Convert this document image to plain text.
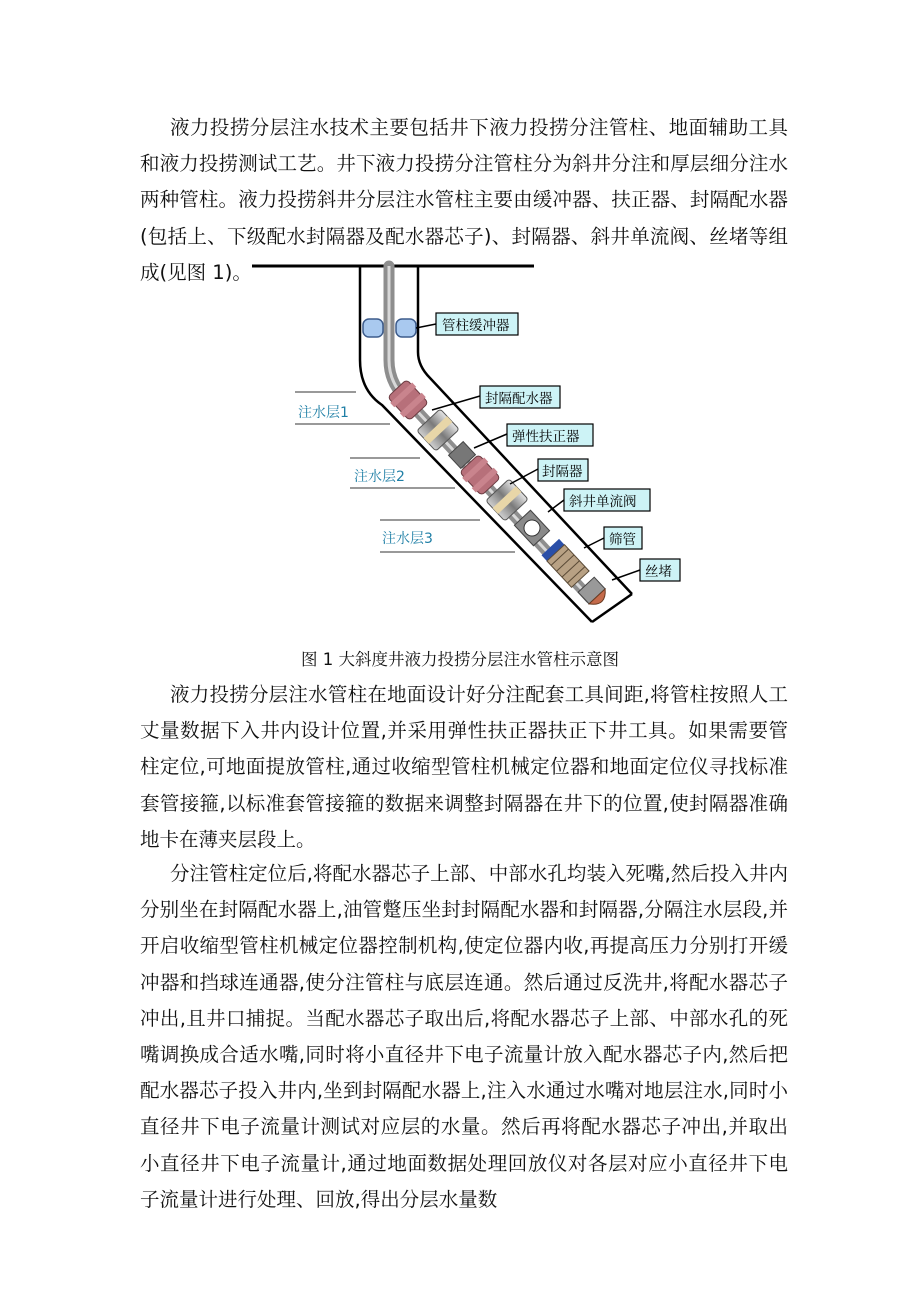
液力投捞分层注水技术主要包括井下液力投捞分注管柱、地面辅助工具和液力投捞测试工艺。井下液力投捞分注管柱分为斜井分注和厚层细分注水两种管柱。液力投捞斜井分层注水管柱主要由缓冲器、扶正器、封隔配水器(包括上、下级配水封隔器及配水器芯子)、封隔器、斜井单流阀、丝堵等组成(见图 1)。

注水层1
注水层2
注水层3
管柱缓冲器
封隔配水器
弹性扶正器
封隔器
斜井单流阀
筛管
丝堵
图 1 大斜度井液力投捞分层注水管柱示意图

液力投捞分层注水管柱在地面设计好分注配套工具间距,将管柱按照人工丈量数据下入井内设计位置,并采用弹性扶正器扶正下井工具。如果需要管柱定位,可地面提放管柱,通过收缩型管柱机械定位器和地面定位仪寻找标准套管接箍,以标准套管接箍的数据来调整封隔器在井下的位置,使封隔器准确地卡在薄夹层段上。

分注管柱定位后,将配水器芯子上部、中部水孔均装入死嘴,然后投入井内分别坐在封隔配水器上,油管蹩压坐封封隔配水器和封隔器,分隔注水层段,并开启收缩型管柱机械定位器控制机构,使定位器内收,再提高压力分别打开缓冲器和挡球连通器,使分注管柱与底层连通。然后通过反洗井,将配水器芯子冲出,且井口捕捉。当配水器芯子取出后,将配水器芯子上部、中部水孔的死嘴调换成合适水嘴,同时将小直径井下电子流量计放入配水器芯子内,然后把配水器芯子投入井内,坐到封隔配水器上,注入水通过水嘴对地层注水,同时小直径井下电子流量计测试对应层的水量。然后再将配水器芯子冲出,并取出小直径井下电子流量计,通过地面数据处理回放仪对各层对应小直径井下电子流量计进行处理、回放,得出分层水量数
